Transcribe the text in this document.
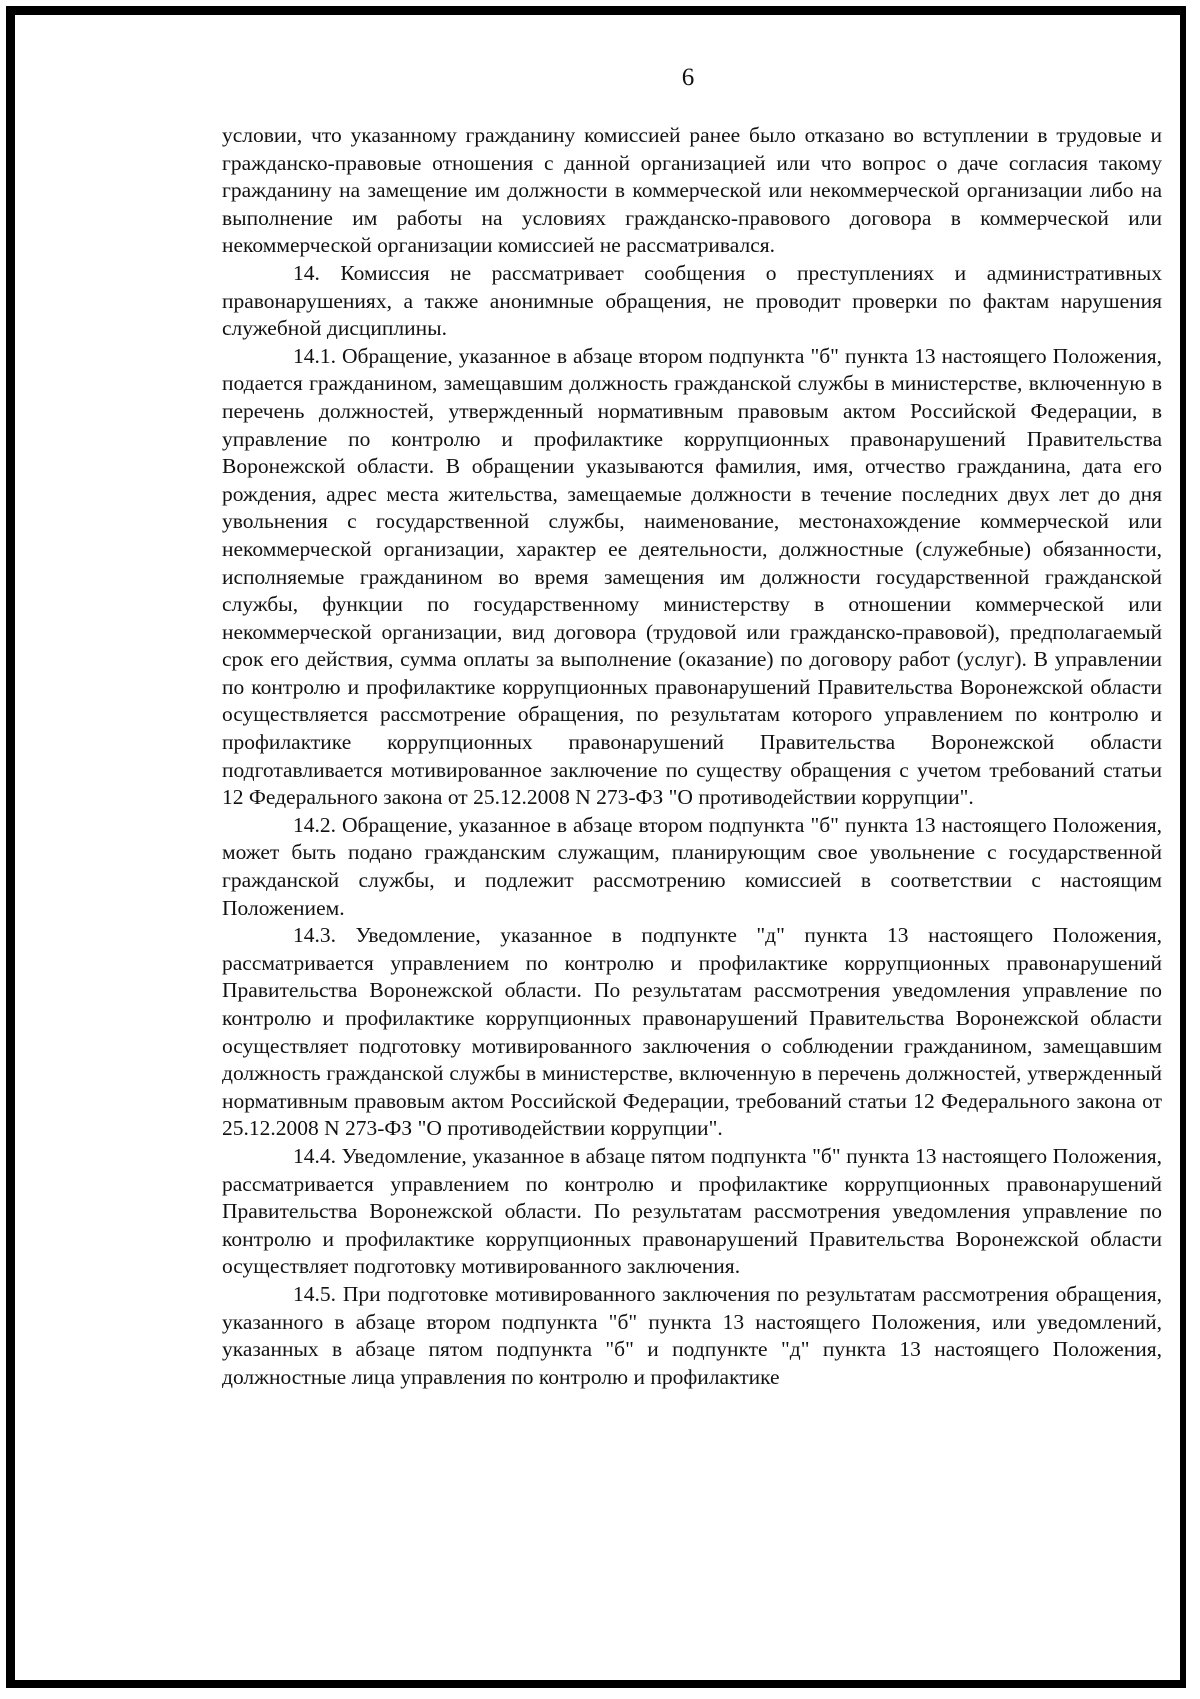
6

условии, что указанному гражданину комиссией ранее было отказано во вступлении в трудовые и гражданско-правовые отношения с данной организацией или что вопрос о даче согласия такому гражданину на замещение им должности в коммерческой или некоммерческой организации либо на выполнение им работы на условиях гражданско-правового договора в коммерческой или некоммерческой организации комиссией не рассматривался.

14. Комиссия не рассматривает сообщения о преступлениях и административных правонарушениях, а также анонимные обращения, не проводит проверки по фактам нарушения служебной дисциплины.

14.1. Обращение, указанное в абзаце втором подпункта "б" пункта 13 настоящего Положения, подается гражданином, замещавшим должность гражданской службы в министерстве, включенную в перечень должностей, утвержденный нормативным правовым актом Российской Федерации, в управление по контролю и профилактике коррупционных правонарушений Правительства Воронежской области. В обращении указываются фамилия, имя, отчество гражданина, дата его рождения, адрес места жительства, замещаемые должности в течение последних двух лет до дня увольнения с государственной службы, наименование, местонахождение коммерческой или некоммерческой организации, характер ее деятельности, должностные (служебные) обязанности, исполняемые гражданином во время замещения им должности государственной гражданской службы, функции по государственному министерству в отношении коммерческой или некоммерческой организации, вид договора (трудовой или гражданско-правовой), предполагаемый срок его действия, сумма оплаты за выполнение (оказание) по договору работ (услуг). В управлении по контролю и профилактике коррупционных правонарушений Правительства Воронежской области осуществляется рассмотрение обращения, по результатам которого управлением по контролю и профилактике коррупционных правонарушений Правительства Воронежской области подготавливается мотивированное заключение по существу обращения с учетом требований статьи 12 Федерального закона от 25.12.2008 N 273-ФЗ "О противодействии коррупции".

14.2. Обращение, указанное в абзаце втором подпункта "б" пункта 13 настоящего Положения, может быть подано гражданским служащим, планирующим свое увольнение с государственной гражданской службы, и подлежит рассмотрению комиссией в соответствии с настоящим Положением.

14.3. Уведомление, указанное в подпункте "д" пункта 13 настоящего Положения, рассматривается управлением по контролю и профилактике коррупционных правонарушений Правительства Воронежской области. По результатам рассмотрения уведомления управление по контролю и профилактике коррупционных правонарушений Правительства Воронежской области осуществляет подготовку мотивированного заключения о соблюдении гражданином, замещавшим должность гражданской службы в министерстве, включенную в перечень должностей, утвержденный нормативным правовым актом Российской Федерации, требований статьи 12 Федерального закона от 25.12.2008 N 273-ФЗ "О противодействии коррупции".

14.4. Уведомление, указанное в абзаце пятом подпункта "б" пункта 13 настоящего Положения, рассматривается управлением по контролю и профилактике коррупционных правонарушений Правительства Воронежской области. По результатам рассмотрения уведомления управление по контролю и профилактике коррупционных правонарушений Правительства Воронежской области осуществляет подготовку мотивированного заключения.

14.5. При подготовке мотивированного заключения по результатам рассмотрения обращения, указанного в абзаце втором подпункта "б" пункта 13 настоящего Положения, или уведомлений, указанных в абзаце пятом подпункта "б" и подпункте "д" пункта 13 настоящего Положения, должностные лица управления по контролю и профилактике
